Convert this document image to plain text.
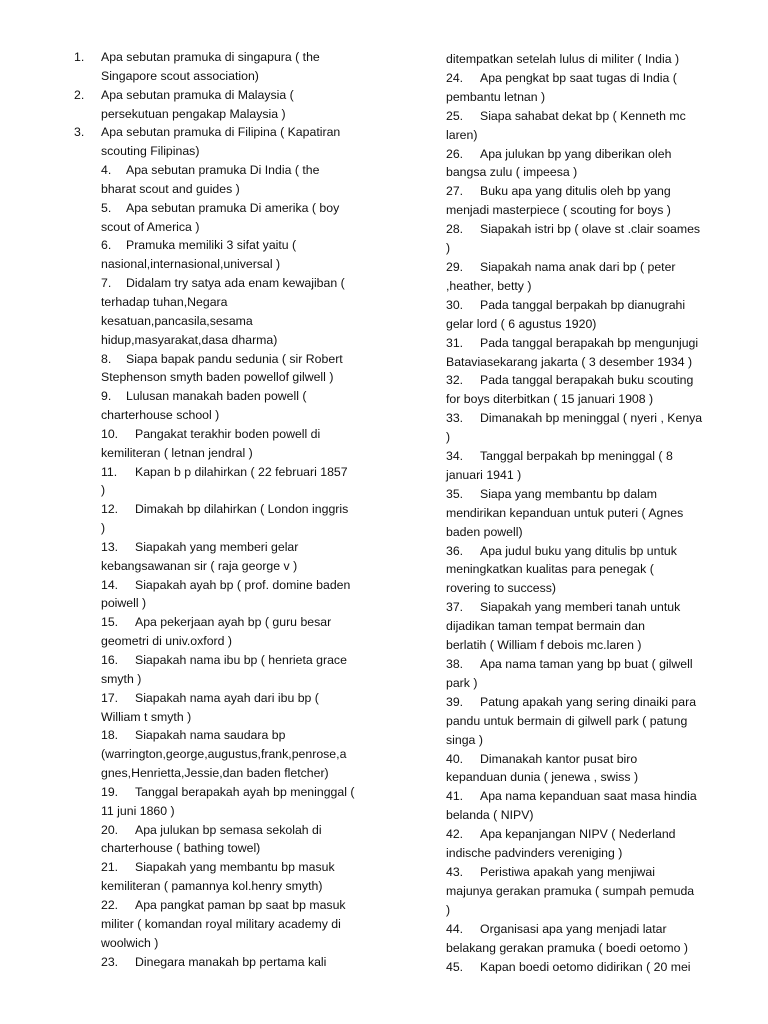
1. Apa sebutan pramuka di singapura ( the
Singapore scout association)
2. Apa sebutan pramuka di Malaysia (
persekutuan pengakap Malaysia )
3. Apa sebutan pramuka di Filipina ( Kapatiran
scouting Filipinas)
4. Apa sebutan pramuka Di India ( the
bharat scout and guides )
5. Apa sebutan pramuka Di amerika ( boy
scout of America )
6. Pramuka memiliki 3 sifat yaitu (
nasional,internasional,universal )
7. Didalam try satya ada enam kewajiban (
terhadap tuhan,Negara
kesatuan,pancasila,sesama
hidup,masyarakat,dasa dharma)
8. Siapa bapak pandu sedunia ( sir Robert
Stephenson smyth baden powellof gilwell )
9. Lulusan manakah baden powell (
charterhouse school )
10. Pangakat terakhir boden powell di
kemiliteran ( letnan jendral )
11. Kapan b p dilahirkan ( 22 februari 1857
)
12. Dimakah bp dilahirkan ( London inggris
)
13. Siapakah yang memberi gelar
kebangsawanan sir ( raja george v )
14. Siapakah ayah bp ( prof. domine baden
poiwell )
15. Apa pekerjaan ayah bp ( guru besar
geometri di univ.oxford )
16. Siapakah nama ibu bp ( henrieta grace
smyth )
17. Siapakah nama ayah dari ibu bp (
William t smyth )
18. Siapakah nama saudara bp
(warrington,george,augustus,frank,penrose,a
gnes,Henrietta,Jessie,dan baden fletcher)
19. Tanggal berapakah ayah bp meninggal (
11 juni 1860 )
20. Apa julukan bp semasa sekolah di
charterhouse ( bathing towel)
21. Siapakah yang membantu bp masuk
kemiliteran ( pamannya kol.henry smyth)
22. Apa pangkat paman bp saat bp masuk
militer ( komandan royal military academy di
woolwich )
23. Dinegara manakah bp pertama kali
ditempatkan setelah lulus di militer ( India )
24. Apa pengkat bp saat tugas di India (
pembantu letnan )
25. Siapa sahabat dekat bp ( Kenneth mc
laren)
26. Apa julukan bp yang diberikan oleh
bangsa zulu ( impeesa )
27. Buku apa yang ditulis oleh bp yang
menjadi masterpiece ( scouting for boys )
28. Siapakah istri bp ( olave st .clair soames
)
29. Siapakah nama anak dari bp ( peter
,heather, betty )
30. Pada tanggal berpakah bp dianugrahi
gelar lord ( 6 agustus 1920)
31. Pada tanggal berapakah bp mengunjugi
Bataviasekarang jakarta ( 3 desember 1934 )
32. Pada tanggal berapakah buku scouting
for boys diterbitkan ( 15 januari 1908 )
33. Dimanakah bp meninggal ( nyeri , Kenya
)
34. Tanggal berpakah bp meninggal ( 8
januari 1941 )
35. Siapa yang membantu bp dalam
mendirikan kepanduan untuk puteri ( Agnes
baden powell)
36. Apa judul buku yang ditulis bp untuk
meningkatkan kualitas para penegak (
rovering to success)
37. Siapakah yang memberi tanah untuk
dijadikan taman tempat bermain dan
berlatih ( William f debois mc.laren )
38. Apa nama taman yang bp buat ( gilwell
park )
39. Patung apakah yang sering dinaiki para
pandu untuk bermain di gilwell park ( patung
singa )
40. Dimanakah kantor pusat biro
kepanduan dunia ( jenewa , swiss )
41. Apa nama kepanduan saat masa hindia
belanda ( NIPV)
42. Apa kepanjangan NIPV ( Nederland
indische padvinders vereniging )
43. Peristiwa apakah yang menjiwai
majunya gerakan pramuka ( sumpah pemuda
)
44. Organisasi apa yang menjadi latar
belakang gerakan pramuka ( boedi oetomo )
45. Kapan boedi oetomo didirikan ( 20 mei
